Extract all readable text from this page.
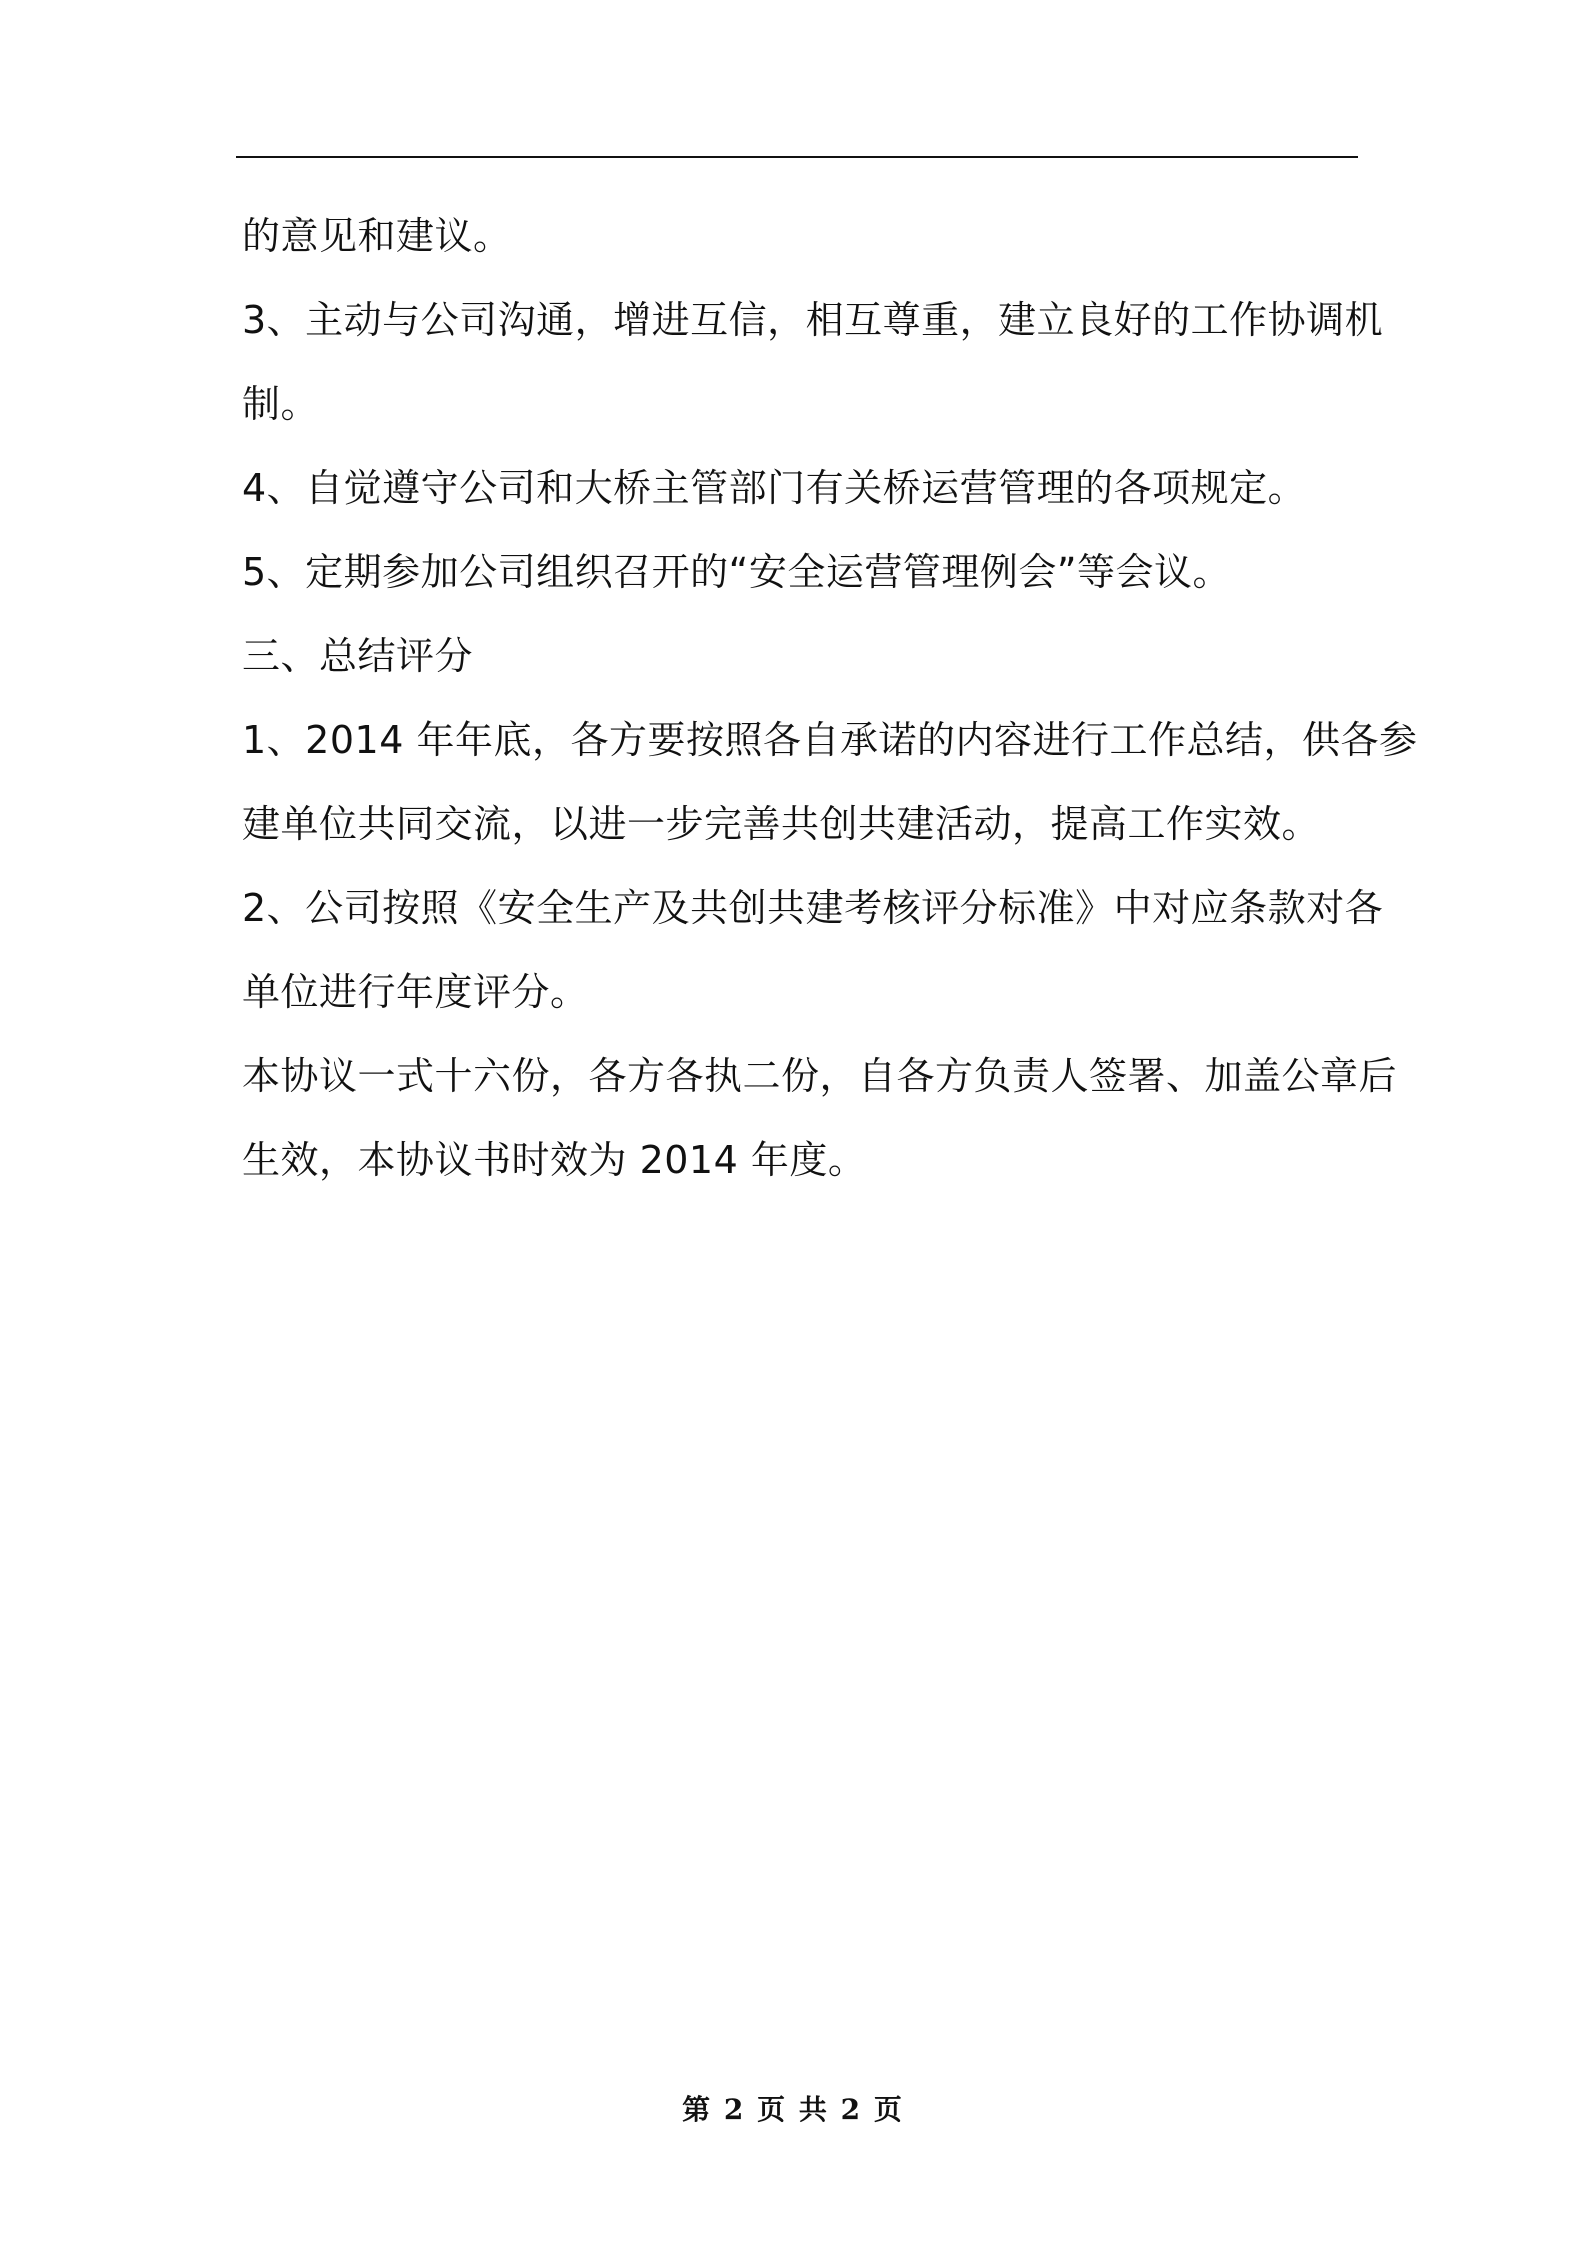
的意见和建议。
3、主动与公司沟通，增进互信，相互尊重，建立良好的工作协调机
制。
4、自觉遵守公司和大桥主管部门有关桥运营管理的各项规定。
5、定期参加公司组织召开的“安全运营管理例会”等会议。
三、总结评分
1、2014 年年底，各方要按照各自承诺的内容进行工作总结，供各参
建单位共同交流，以进一步完善共创共建活动，提高工作实效。
2、公司按照《安全生产及共创共建考核评分标准》中对应条款对各
单位进行年度评分。
本协议一式十六份，各方各执二份，自各方负责人签署、加盖公章后
生效，本协议书时效为 2014 年度。
第 2 页 共 2 页
